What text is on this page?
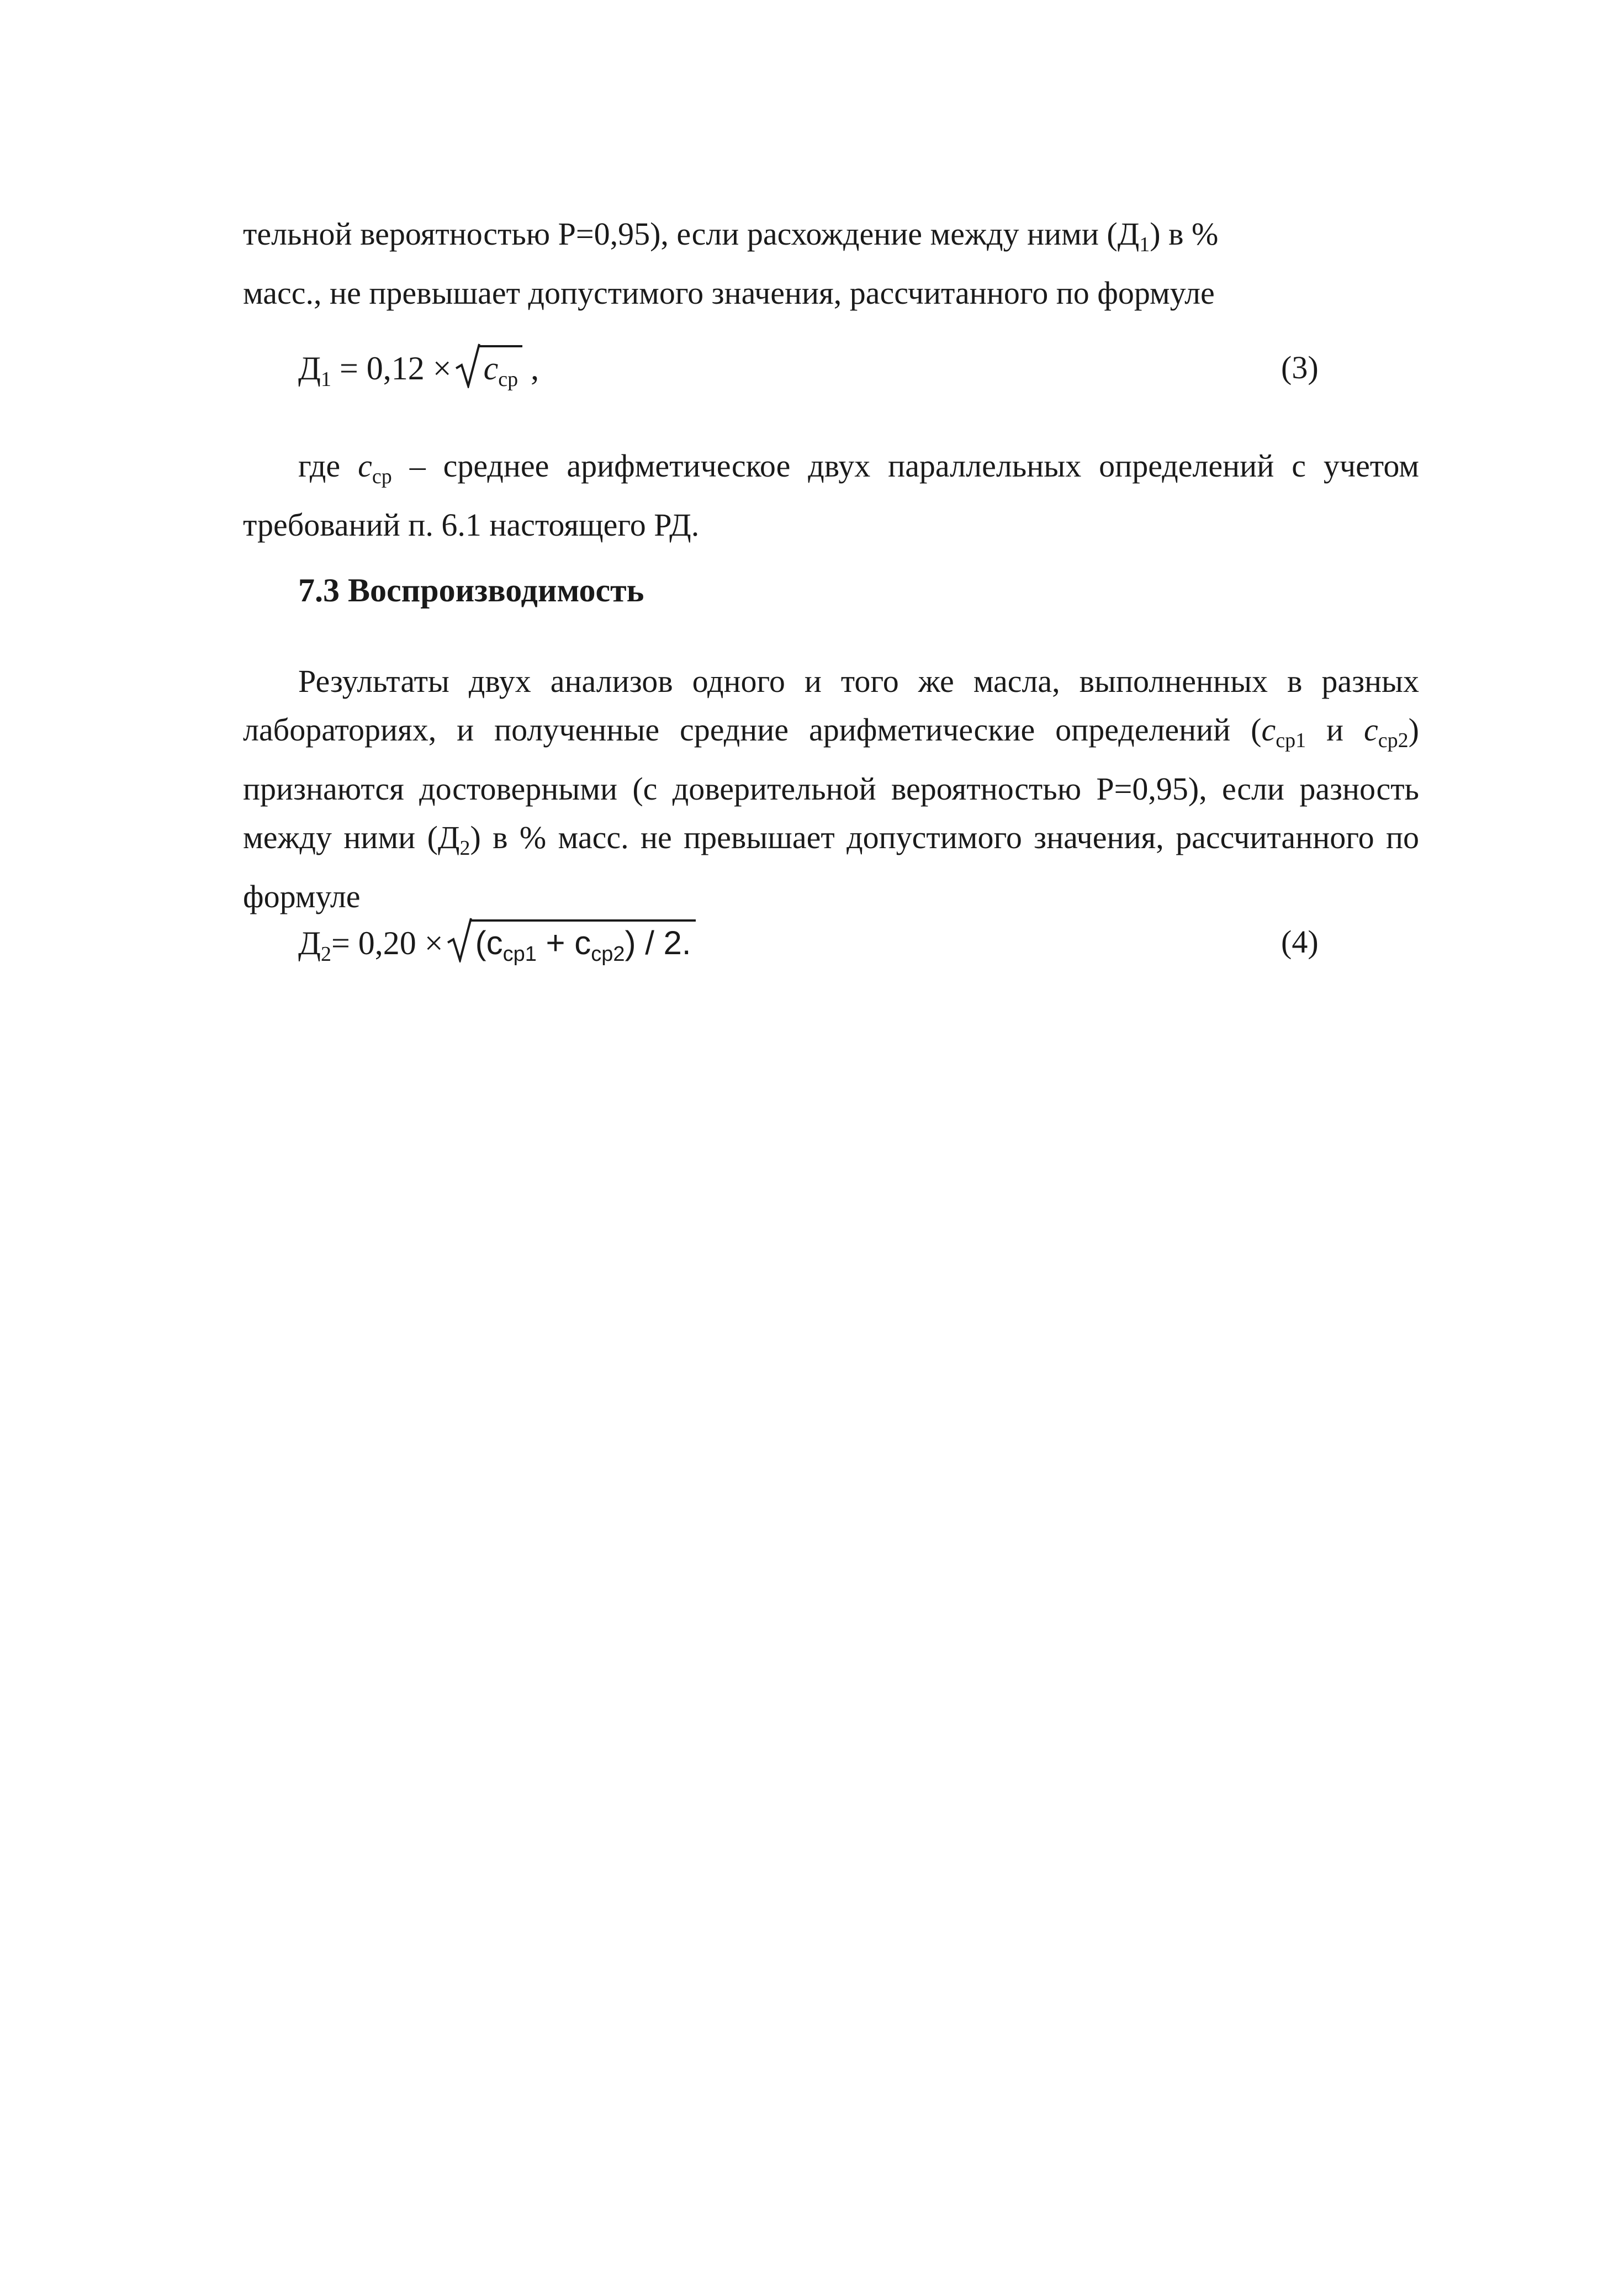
тельной вероятностью P=0,95), если расхождение между ними $(Д_1)$ в %
масс., не превышает допустимого значения, рассчитанного по формуле

$Д_1 = 0,12 \times c_{ср}$ ,	(3)

где $c_{ср}$ – среднее арифметическое двух параллельных определений с учетом требований п. 6.1 настоящего РД.

7.3 Воспроизводимость

Результаты двух анализов одного и того же масла, выполненных в разных лабораториях, и полученные средние арифметические определений ($c_{ср1}$ и $c_{ср2}$) признаются достоверными (с доверительной вероятностью P=0,95), если разность между ними $(Д_2)$ в % масс. не превышает допустимого значения, рассчитанного по формуле

$Д_2= 0,20 \times (c_{ср1} + c_{ср2}) / 2$.	(4)
